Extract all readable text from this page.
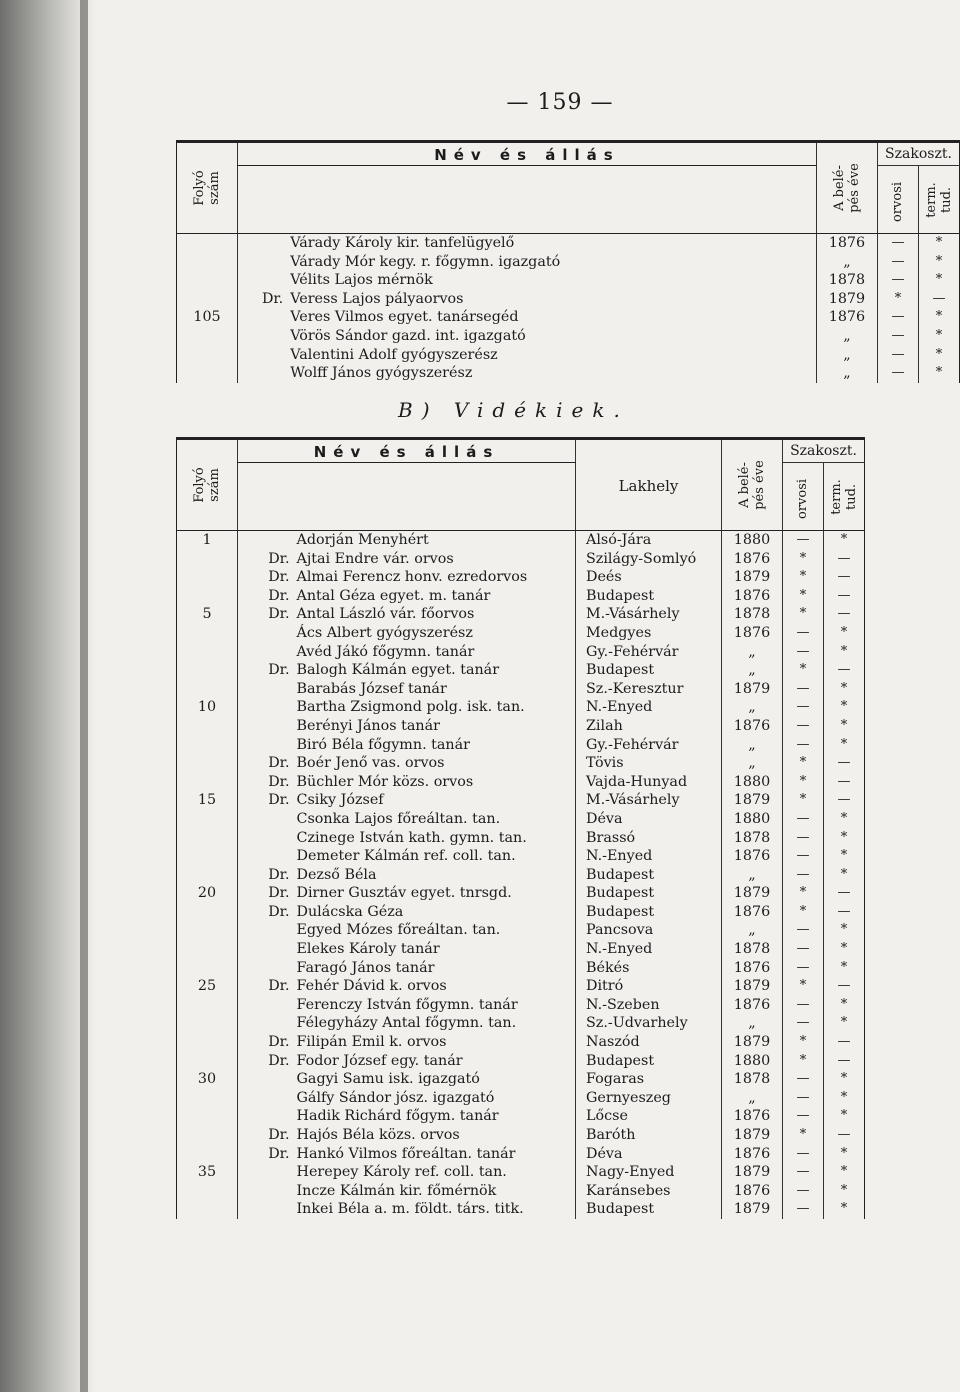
— 159 —
Folyó szám	Név és állás		A belé-pés éve	Szakoszt.	
				orvosi	term. tud.
		Várady Károly kir. tanfelügyelő	1876	—	*
		Várady Mór kegy. r. főgymn. igazgató	„	—	*
		Vélits Lajos mérnök	1878	—	*
	Dr.	Veress Lajos pályaorvos	1879	*	—
105		Veres Vilmos egyet. tanársegéd	1876	—	*
		Vörös Sándor gazd. int. igazgató	„	—	*
		Valentini Adolf gyógyszerész	„	—	*
		Wolff János gyógyszerész	„	—	*
B) Vidékiek.
Folyó szám	Név és állás		Lakhely	A belé-pés éve	Szakoszt.	
					orvosi	term. tud.
1		Adorján Menyhért	Alsó-Jára	1880	—	*
	Dr.	Ajtai Endre vár. orvos	Szilágy-Somlyó	1876	*	—
	Dr.	Almai Ferencz honv. ezredorvos	Deés	1879	*	—
	Dr.	Antal Géza egyet. m. tanár	Budapest	1876	*	—
5	Dr.	Antal László vár. főorvos	M.-Vásárhely	1878	*	—
		Ács Albert gyógyszerész	Medgyes	1876	—	*
		Avéd Jákó főgymn. tanár	Gy.-Fehérvár	„	—	*
	Dr.	Balogh Kálmán egyet. tanár	Budapest	„	*	—
		Barabás József tanár	Sz.-Keresztur	1879	—	*
10		Bartha Zsigmond polg. isk. tan.	N.-Enyed	„	—	*
		Berényi János tanár	Zilah	1876	—	*
		Biró Béla főgymn. tanár	Gy.-Fehérvár	„	—	*
	Dr.	Boér Jenő vas. orvos	Tövis	„	*	—
	Dr.	Büchler Mór közs. orvos	Vajda-Hunyad	1880	*	—
15	Dr.	Csiky József	M.-Vásárhely	1879	*	—
		Csonka Lajos főreáltan. tan.	Déva	1880	—	*
		Czinege István kath. gymn. tan.	Brassó	1878	—	*
		Demeter Kálmán ref. coll. tan.	N.-Enyed	1876	—	*
	Dr.	Dezső Béla	Budapest	„	—	*
20	Dr.	Dirner Gusztáv egyet. tnrsgd.	Budapest	1879	*	—
	Dr.	Dulácska Géza	Budapest	1876	*	—
		Egyed Mózes főreáltan. tan.	Pancsova	„	—	*
		Elekes Károly tanár	N.-Enyed	1878	—	*
		Faragó János tanár	Békés	1876	—	*
25	Dr.	Fehér Dávid k. orvos	Ditró	1879	*	—
		Ferenczy István főgymn. tanár	N.-Szeben	1876	—	*
		Félegyházy Antal főgymn. tan.	Sz.-Udvarhely	„	—	*
	Dr.	Filipán Emil k. orvos	Naszód	1879	*	—
	Dr.	Fodor József egy. tanár	Budapest	1880	*	—
30		Gagyi Samu isk. igazgató	Fogaras	1878	—	*
		Gálfy Sándor jósz. igazgató	Gernyeszeg	„	—	*
		Hadik Richárd főgym. tanár	Lőcse	1876	—	*
	Dr.	Hajós Béla közs. orvos	Baróth	1879	*	—
	Dr.	Hankó Vilmos főreáltan. tanár	Déva	1876	—	*
35		Herepey Károly ref. coll. tan.	Nagy-Enyed	1879	—	*
		Incze Kálmán kir. főmérnök	Karánsebes	1876	—	*
		Inkei Béla a. m. földt. társ. titk.	Budapest	1879	—	*
